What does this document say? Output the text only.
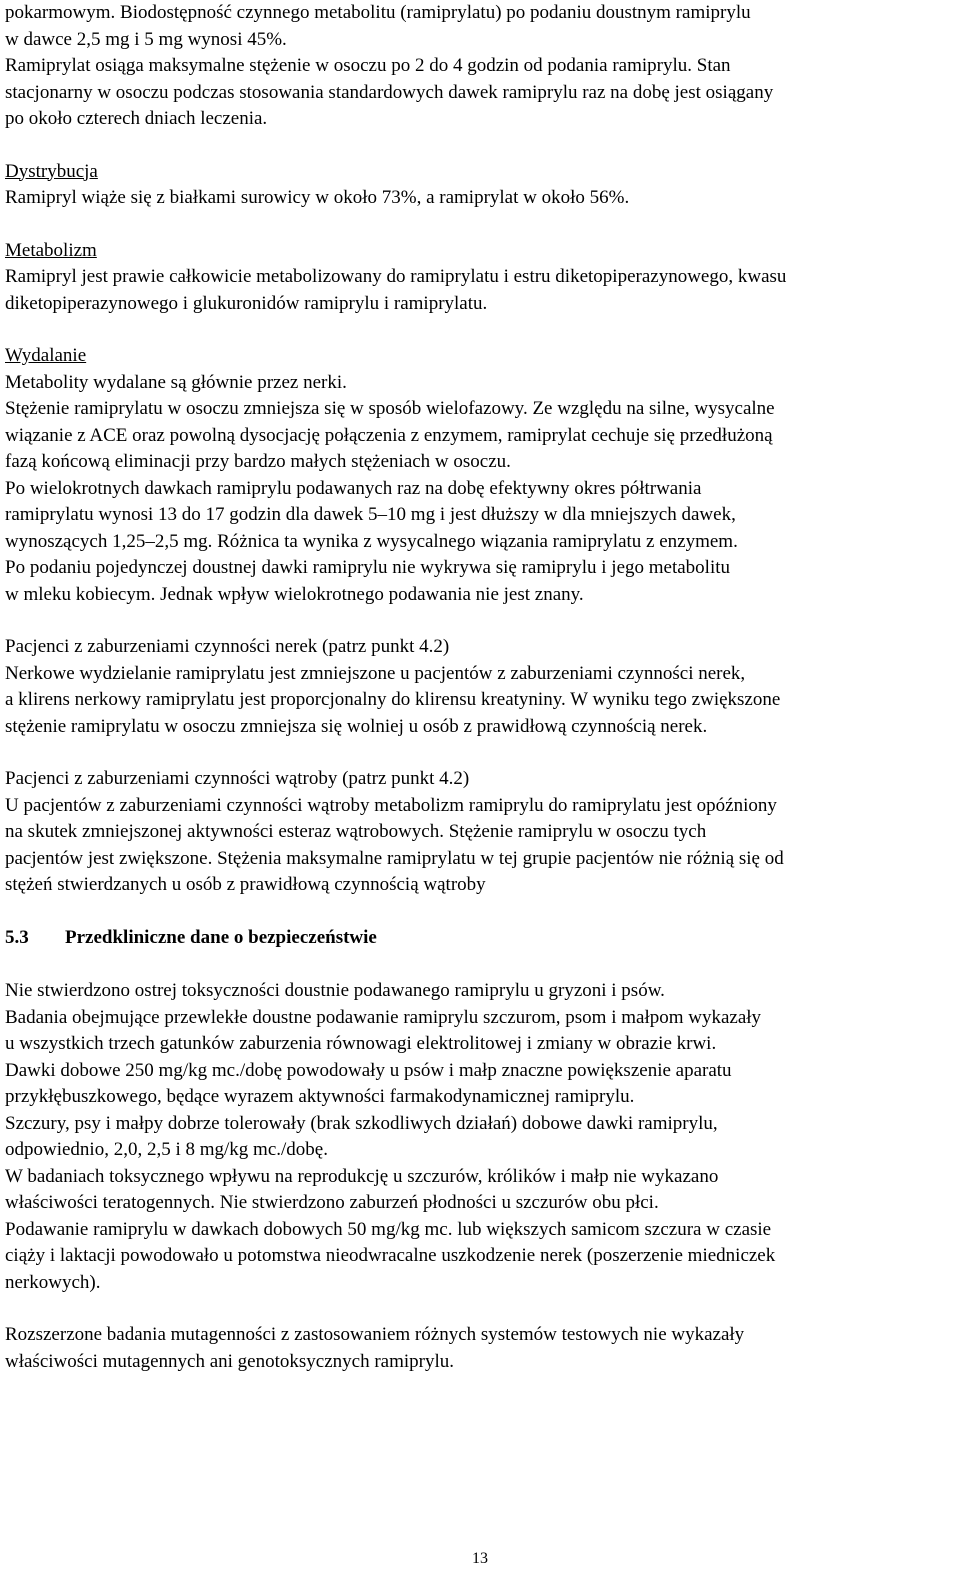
pokarmowym. Biodostępność czynnego metabolitu (ramiprylatu) po podaniu doustnym ramiprylu

w dawce 2,5 mg i 5 mg wynosi 45%.

Ramiprylat osiąga maksymalne stężenie w osoczu po 2 do 4 godzin od podania ramiprylu. Stan

stacjonarny w osoczu podczas stosowania standardowych dawek ramiprylu raz na dobę jest osiągany

po około czterech dniach leczenia.

Dystrybucja

Ramipryl wiąże się z białkami surowicy w około 73%, a ramiprylat w około 56%.

Metabolizm

Ramipryl jest prawie całkowicie metabolizowany do ramiprylatu i estru diketopiperazynowego, kwasu

diketopiperazynowego i glukuronidów ramiprylu i ramiprylatu.

Wydalanie

Metabolity wydalane są głównie przez nerki.

Stężenie ramiprylatu w osoczu zmniejsza się w sposób wielofazowy. Ze względu na silne, wysycalne

wiązanie z ACE oraz powolną dysocjację połączenia z enzymem, ramiprylat cechuje się przedłużoną

fazą końcową eliminacji przy bardzo małych stężeniach w osoczu.

Po wielokrotnych dawkach ramiprylu podawanych raz na dobę efektywny okres półtrwania

ramiprylatu wynosi 13 do 17 godzin dla dawek 5–10 mg i jest dłuższy w dla mniejszych dawek,

wynoszących 1,25–2,5 mg. Różnica ta wynika z wysycalnego wiązania ramiprylatu z enzymem.

Po podaniu pojedynczej doustnej dawki ramiprylu nie wykrywa się ramiprylu i jego metabolitu

w mleku kobiecym. Jednak wpływ wielokrotnego podawania nie jest znany.

Pacjenci z zaburzeniami czynności nerek (patrz punkt 4.2)

Nerkowe wydzielanie ramiprylatu jest zmniejszone u pacjentów z zaburzeniami czynności nerek,

a klirens nerkowy ramiprylatu jest proporcjonalny do klirensu kreatyniny. W wyniku tego zwiększone

stężenie ramiprylatu w osoczu zmniejsza się wolniej u osób z prawidłową czynnością nerek.

Pacjenci z zaburzeniami czynności wątroby (patrz punkt 4.2)

U pacjentów z zaburzeniami czynności wątroby metabolizm ramiprylu do ramiprylatu jest opóźniony

na skutek zmniejszonej aktywności esteraz wątrobowych. Stężenie ramiprylu w osoczu tych

pacjentów jest zwiększone. Stężenia maksymalne ramiprylatu w tej grupie pacjentów nie różnią się od

stężeń stwierdzanych u osób z prawidłową czynnością wątroby

5.3	Przedkliniczne dane o bezpieczeństwie

Nie stwierdzono ostrej toksyczności doustnie podawanego ramiprylu u gryzoni i psów.

Badania obejmujące przewlekłe doustne podawanie ramiprylu szczurom, psom i małpom wykazały

u wszystkich trzech gatunków zaburzenia równowagi elektrolitowej i zmiany w obrazie krwi.

Dawki dobowe 250 mg/kg mc./dobę powodowały u psów i małp znaczne powiększenie aparatu

przykłębuszkowego, będące wyrazem aktywności farmakodynamicznej ramiprylu.

Szczury, psy i małpy dobrze tolerowały (brak szkodliwych działań) dobowe dawki ramiprylu,

odpowiednio, 2,0, 2,5 i 8 mg/kg mc./dobę.

W badaniach toksycznego wpływu na reprodukcję u szczurów, królików i małp nie wykazano

właściwości teratogennych. Nie stwierdzono zaburzeń płodności u szczurów obu płci.

Podawanie ramiprylu w dawkach dobowych 50 mg/kg mc. lub większych samicom szczura w czasie

ciąży i laktacji powodowało u potomstwa nieodwracalne uszkodzenie nerek (poszerzenie miedniczek

nerkowych).

Rozszerzone badania mutagenności z zastosowaniem różnych systemów testowych nie wykazały

właściwości mutagennych ani genotoksycznych ramiprylu.

13
